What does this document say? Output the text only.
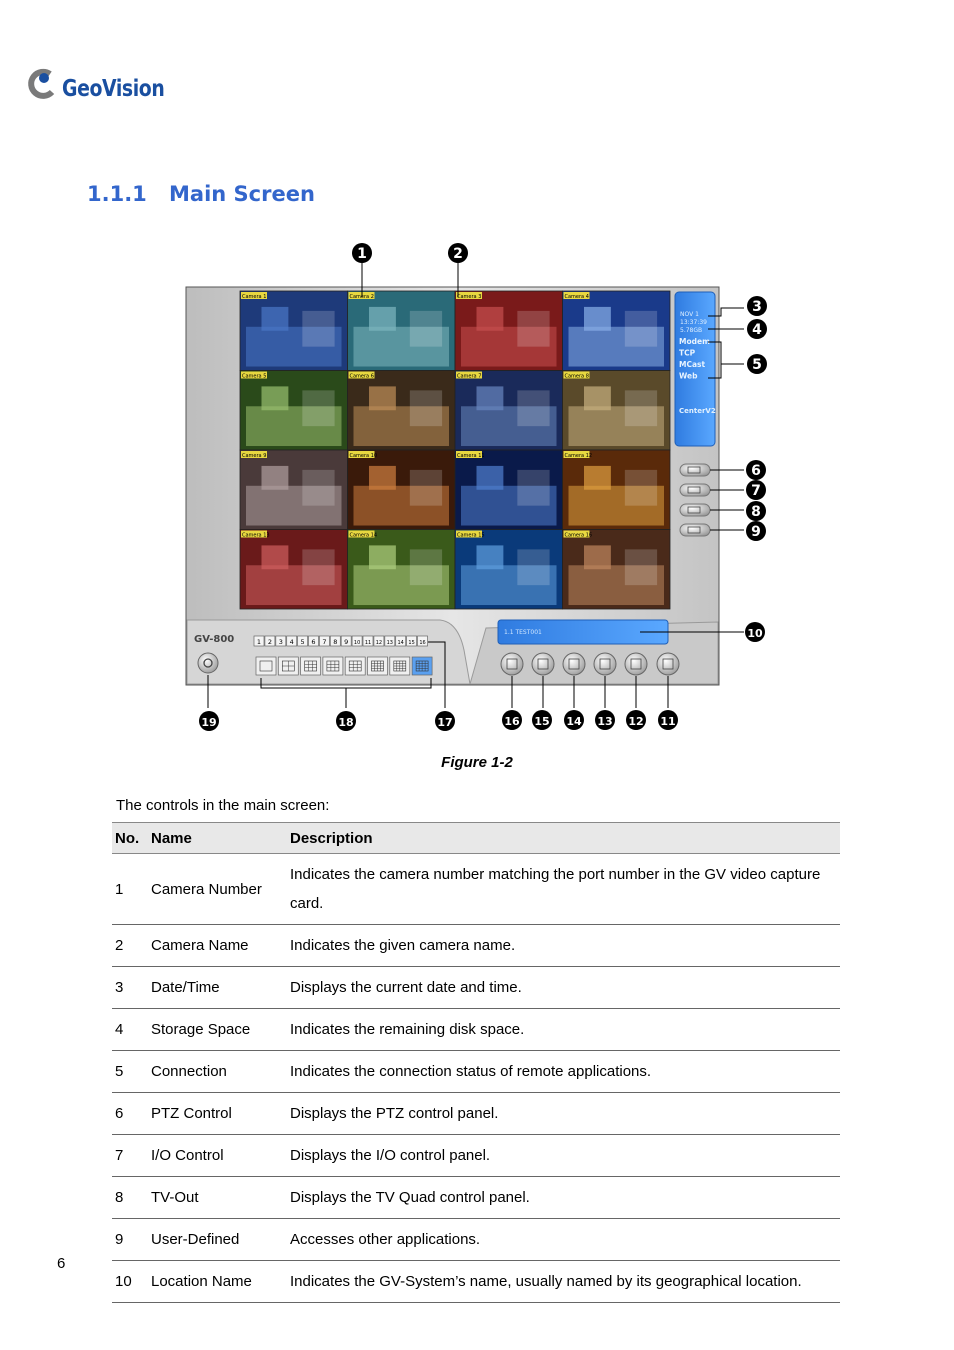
GeoVision
1.1.1 Main Screen
Camera 1	Camera 2	Camera 3	Camera 4
Camera 5	Camera 6	Camera 7	Camera 8
Camera 9	Camera 10	Camera 11	Camera 12
Camera 13	Camera 14	Camera 15	Camera 16
NOV 1
13:37:39
5.78GB
Modem
TCP
MCast
Web
CenterV2
GV-800	1 2 3 4 5 6 7 8 9 10 11 12 13 14 15 16
1.1 TEST001
1	2
3
4
5
6
7
8
9
10
11
12
13
14
15
16
17
18
19
Figure 1-2
The controls in the main screen:
No.	Name	Description
1	Camera Number	Indicates the camera number matching the port number in the GV video capture card.
2	Camera Name	Indicates the given camera name.
3	Date/Time	Displays the current date and time.
4	Storage Space	Indicates the remaining disk space.
5	Connection	Indicates the connection status of remote applications.
6	PTZ Control	Displays the PTZ control panel.
7	I/O Control	Displays the I/O control panel.
8	TV-Out	Displays the TV Quad control panel.
9	User-Defined	Accesses other applications.
10	Location Name	Indicates the GV-System’s name, usually named by its geographical location.
6
